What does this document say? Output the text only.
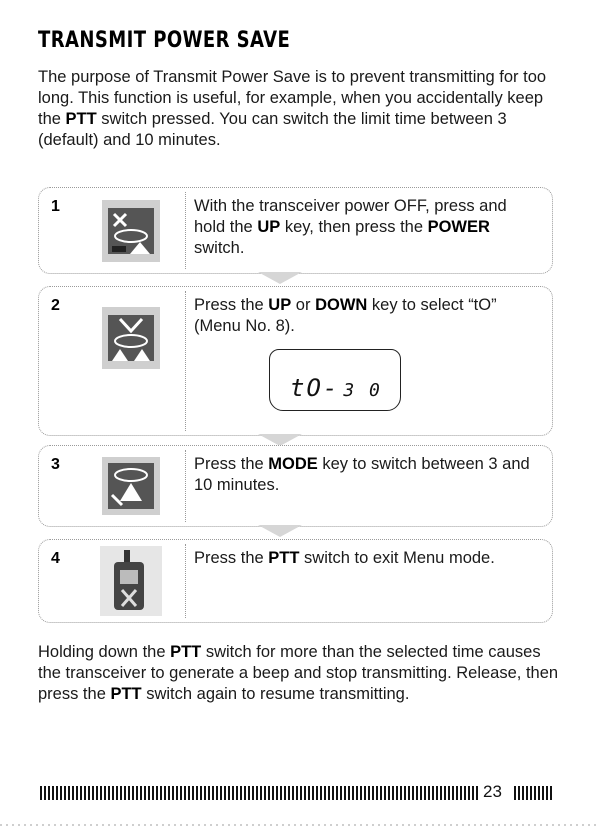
TRANSMIT POWER SAVE
The purpose of Transmit Power Save is to prevent transmitting for too long. This function is useful, for example, when you accidentally keep the PTT switch pressed. You can switch the limit time between 3 (default) and 10 minutes.
1	With the transceiver power OFF, press and hold the UP key, then press the POWER switch.
2	Press the UP or DOWN key to select “tO” (Menu No. 8).
tO- 3 0
3	Press the MODE key to switch between 3 and 10 minutes.
4	Press the PTT switch to exit Menu mode.
Holding down the PTT switch for more than the selected time causes the transceiver to generate a beep and stop transmitting. Release, then press the PTT switch again to resume transmitting.
23
